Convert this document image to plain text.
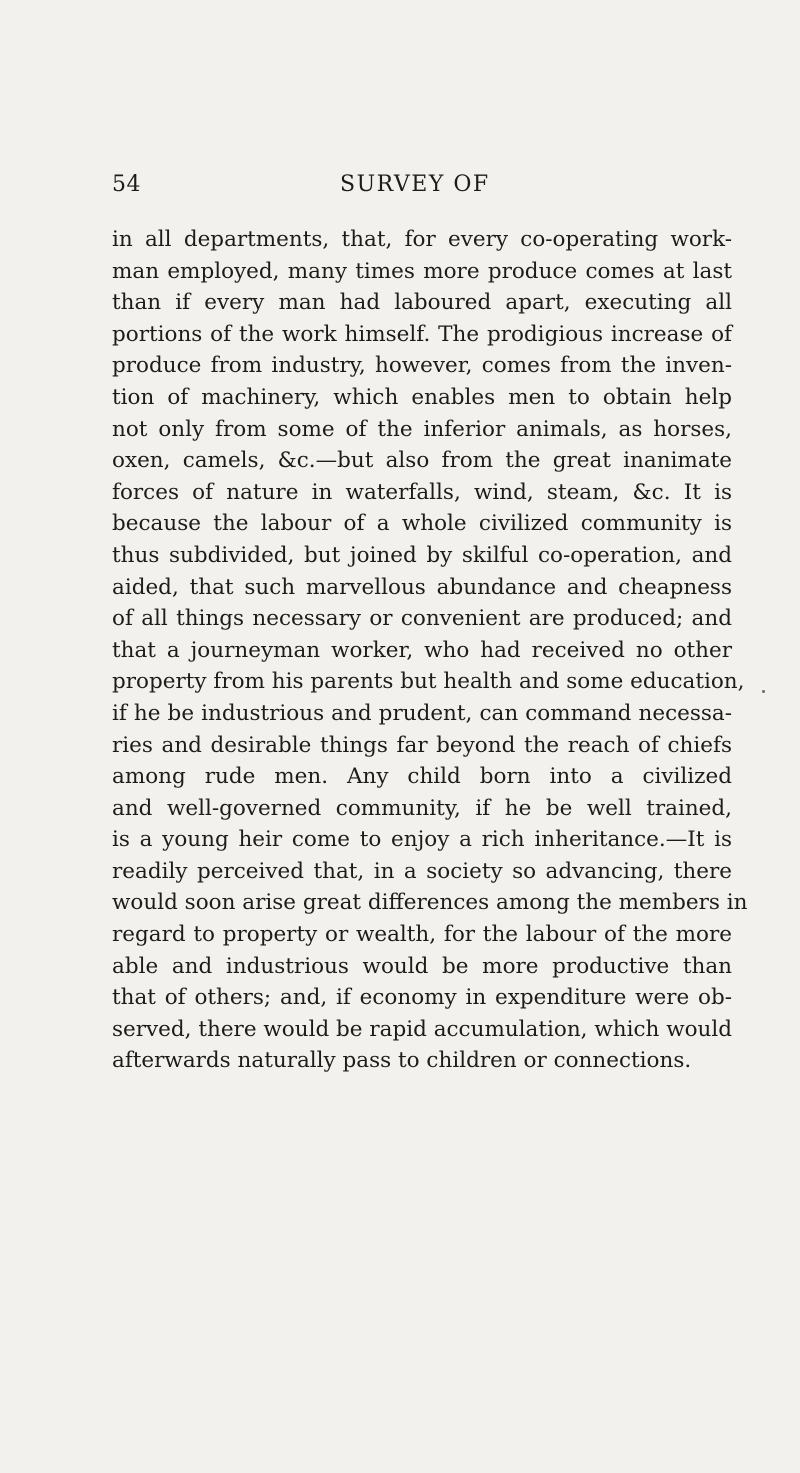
54	SURVEY OF
in all departments, that, for every co-operating work-
man employed, many times more produce comes at last
than if every man had laboured apart, executing all
portions of the work himself. The prodigious increase of
produce from industry, however, comes from the inven-
tion of machinery, which enables men to obtain help
not only from some of the inferior animals, as horses,
oxen, camels, &c.—but also from the great inanimate
forces of nature in waterfalls, wind, steam, &c. It is
because the labour of a whole civilized community is
thus subdivided, but joined by skilful co-operation, and
aided, that such marvellous abundance and cheapness
of all things necessary or convenient are produced; and
that a journeyman worker, who had received no other
property from his parents but health and some education,
if he be industrious and prudent, can command necessa-
ries and desirable things far beyond the reach of chiefs
among rude men. Any child born into a civilized
and well-governed community, if he be well trained,
is a young heir come to enjoy a rich inheritance.—It is
readily perceived that, in a society so advancing, there
would soon arise great differences among the members in
regard to property or wealth, for the labour of the more
able and industrious would be more productive than
that of others; and, if economy in expenditure were ob-
served, there would be rapid accumulation, which would
afterwards naturally pass to children or connections.
